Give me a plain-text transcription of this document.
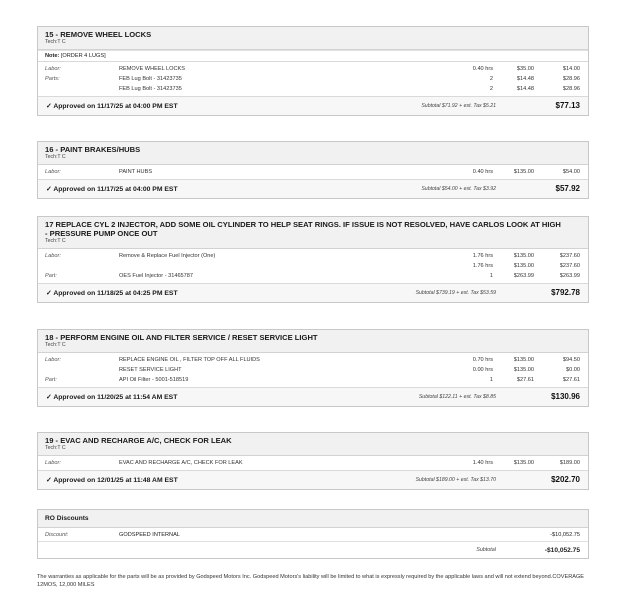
15 - REMOVE WHEEL LOCKS
Tech:T C
Note: [ORDER 4 LUGS]
Labor:	REMOVE WHEEL LOCKS	0.40 hrs	$35.00	$14.00
Parts:	FEB Lug Bolt - 31423735	2	$14.48	$28.96
FEB Lug Bolt - 31423735	2	$14.48	$28.96
✓ Approved on 11/17/25 at 04:00 PM EST	Subtotal $71.92 + est. Tax $5.21	$77.13
16 - PAINT BRAKES/HUBS
Tech:T C
Labor:	PAINT HUBS	0.40 hrs	$135.00	$54.00
✓ Approved on 11/17/25 at 04:00 PM EST	Subtotal $54.00 + est. Tax $3.92	$57.92
17 REPLACE CYL 2 INJECTOR, ADD SOME OIL CYLINDER TO HELP SEAT RINGS. IF ISSUE IS NOT RESOLVED, HAVE CARLOS LOOK AT HIGH
- PRESSURE PUMP ONCE OUT
Tech:T C
Labor:	Remove & Replace Fuel Injector (One)	1.76 hrs	$135.00	$237.60
1.76 hrs	$135.00	$237.60
Part:	OES Fuel Injector - 31465787	1	$263.99	$263.99
✓ Approved on 11/18/25 at 04:25 PM EST	Subtotal $739.19 + est. Tax $53.59	$792.78
18 - PERFORM ENGINE OIL AND FILTER SERVICE / RESET SERVICE LIGHT
Tech:T C
Labor:	REPLACE ENGINE OIL , FILTER TOP OFF ALL FLUIDS	0.70 hrs	$135.00	$94.50
RESET SERVICE LIGHT	0.00 hrs	$135.00	$0.00
Part:	API Oil Filter - 5001-518519	1	$27.61	$27.61
✓ Approved on 11/20/25 at 11:54 AM EST	Subtotal $122.11 + est. Tax $8.85	$130.96
19 - EVAC AND RECHARGE A/C, CHECK FOR LEAK
Tech:T C
Labor:	EVAC AND RECHARGE A/C, CHECK FOR LEAK	1.40 hrs	$135.00	$189.00
✓ Approved on 12/01/25 at 11:48 AM EST	Subtotal $189.00 + est. Tax $13.70	$202.70
RO Discounts
Discount:	GODSPEED INTERNAL	-$10,052.75
Subtotal	-$10,052.75
The warranties as applicable for the parts will be as provided by Godspeed Motors Inc. Godspeed Motors's liability will be limited to what is expressly required by the applicable laws and will not extend beyond.COVERAGE 12MOS, 12,000 MILES
